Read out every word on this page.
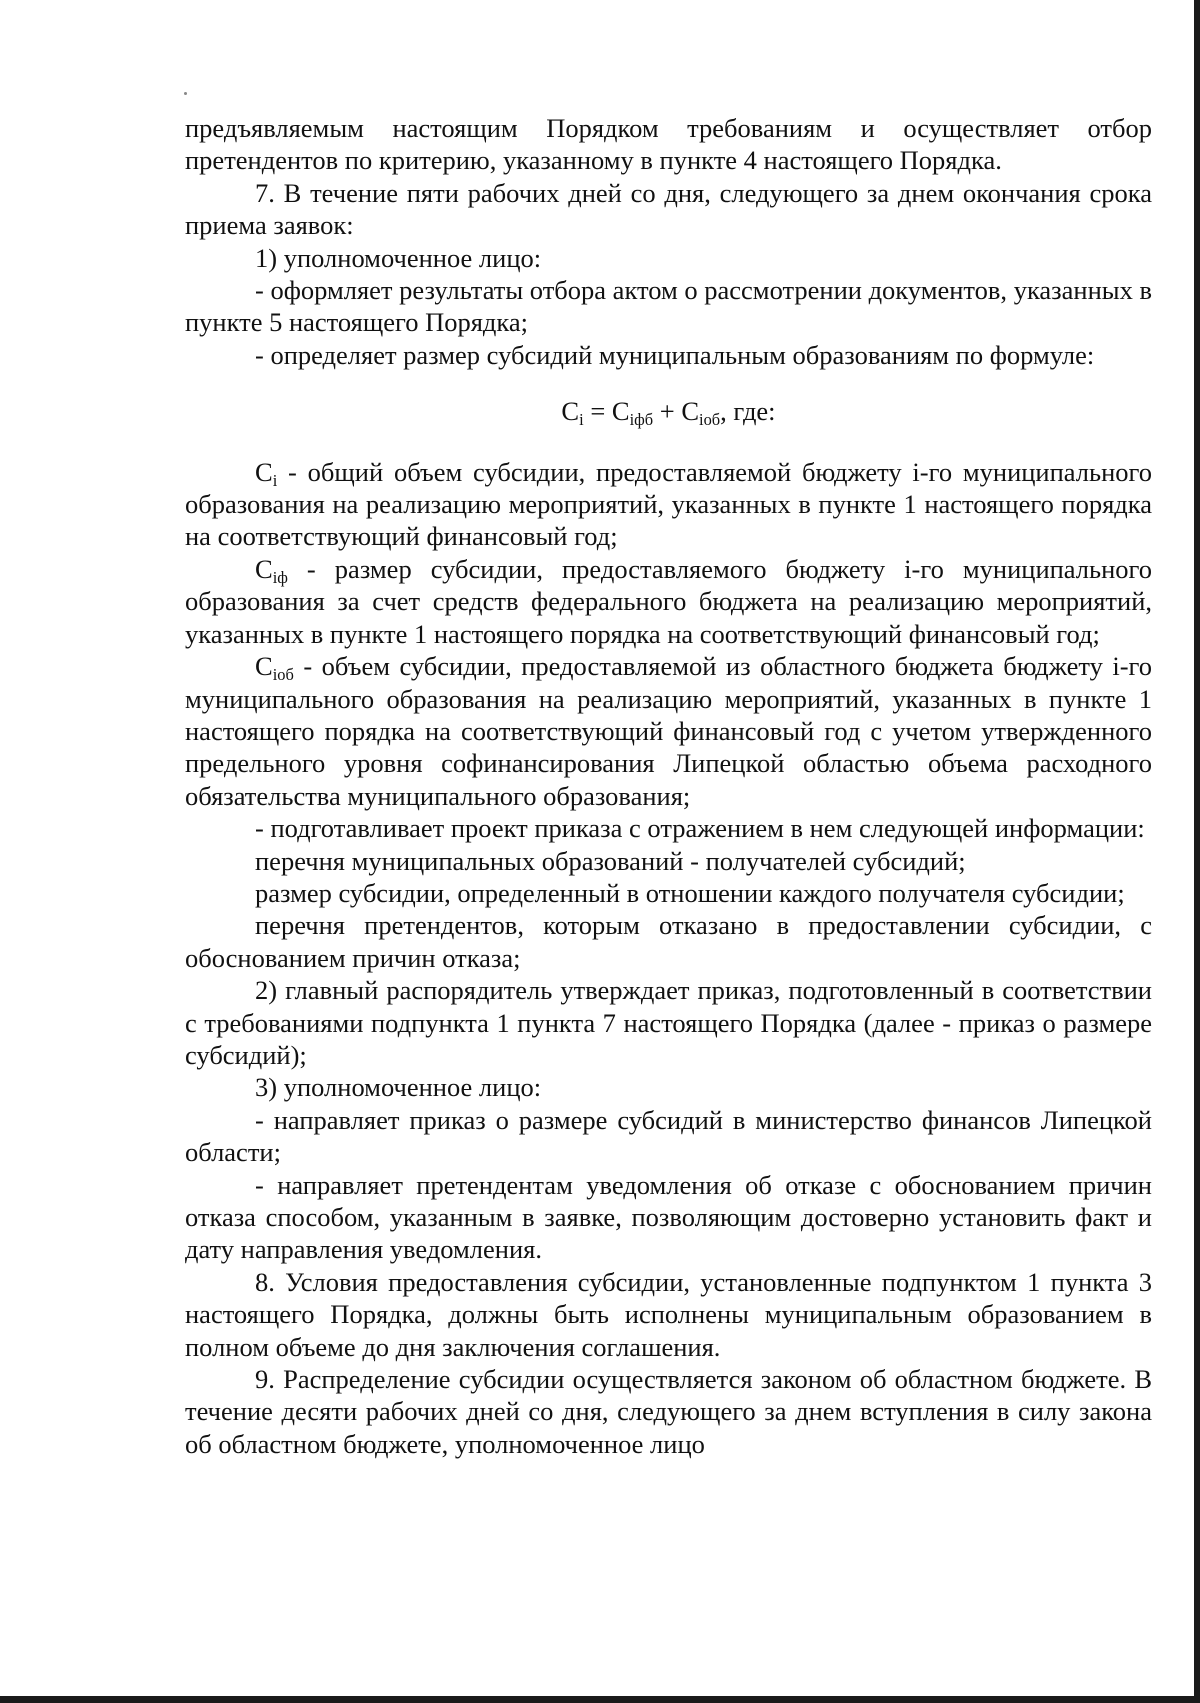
предъявляемым настоящим Порядком требованиям и осуществляет отбор претендентов по критерию, указанному в пункте 4 настоящего Порядка.

7. В течение пяти рабочих дней со дня, следующего за днем окончания срока приема заявок:

1) уполномоченное лицо:

- оформляет результаты отбора актом о рассмотрении документов, указанных в пункте 5 настоящего Порядка;

- определяет размер субсидий муниципальным образованиям по формуле:

$C_i = C_{iфб} + C_{iоб}$, где:

$C_i$ - общий объем субсидии, предоставляемой бюджету i-го муниципального образования на реализацию мероприятий, указанных в пункте 1 настоящего порядка на соответствующий финансовый год;

$C_{iф}$ - размер субсидии, предоставляемого бюджету i-го муниципального образования за счет средств федерального бюджета на реализацию мероприятий, указанных в пункте 1 настоящего порядка на соответствующий финансовый год;

$C_{iоб}$ - объем субсидии, предоставляемой из областного бюджета бюджету i-го муниципального образования на реализацию мероприятий, указанных в пункте 1 настоящего порядка на соответствующий финансовый год с учетом утвержденного предельного уровня софинансирования Липецкой областью объема расходного обязательства муниципального образования;

- подготавливает проект приказа с отражением в нем следующей информации:

перечня муниципальных образований - получателей субсидий;

размер субсидии, определенный в отношении каждого получателя субсидии;

перечня претендентов, которым отказано в предоставлении субсидии, с обоснованием причин отказа;

2) главный распорядитель утверждает приказ, подготовленный в соответствии с требованиями подпункта 1 пункта 7 настоящего Порядка (далее - приказ о размере субсидий);

3) уполномоченное лицо:

- направляет приказ о размере субсидий в министерство финансов Липецкой области;

- направляет претендентам уведомления об отказе с обоснованием причин отказа способом, указанным в заявке, позволяющим достоверно установить факт и дату направления уведомления.

8. Условия предоставления субсидии, установленные подпунктом 1 пункта 3 настоящего Порядка, должны быть исполнены муниципальным образованием в полном объеме до дня заключения соглашения.

9. Распределение субсидии осуществляется законом об областном бюджете. В течение десяти рабочих дней со дня, следующего за днем вступления в силу закона об областном бюджете, уполномоченное лицо
